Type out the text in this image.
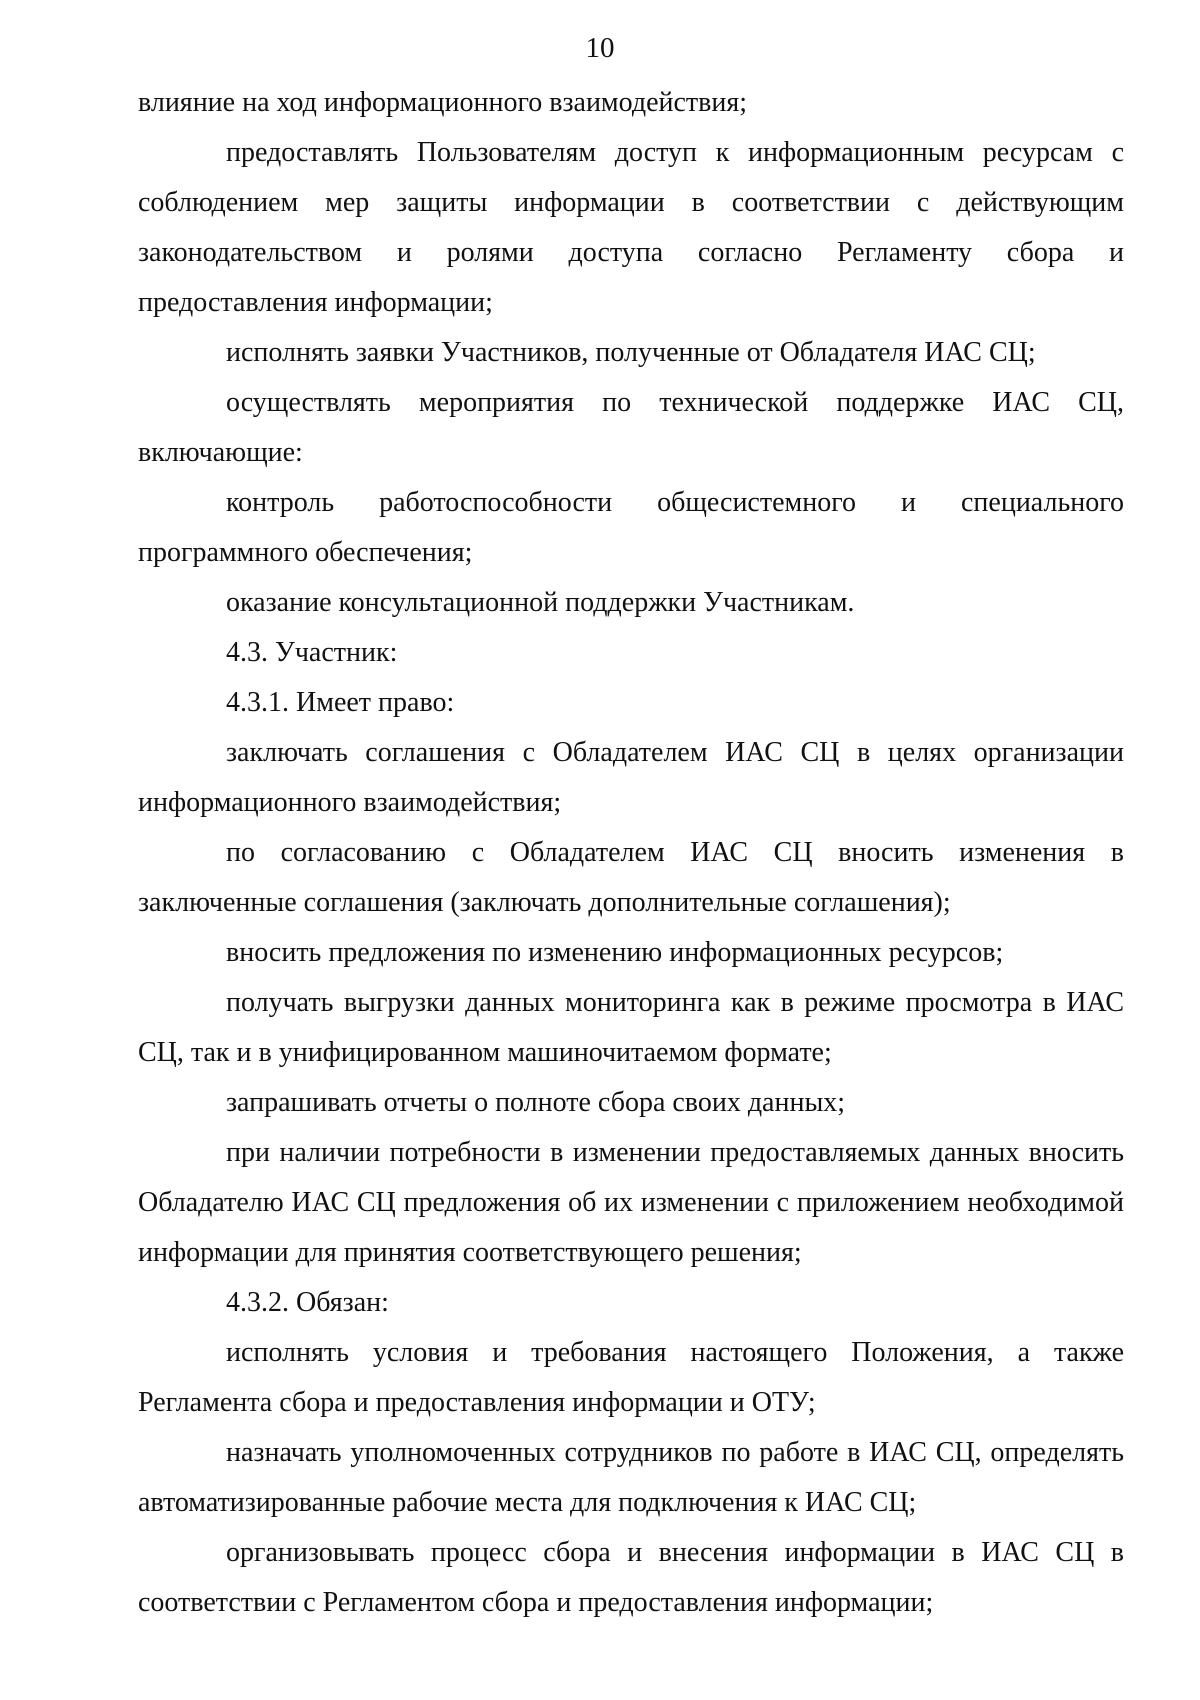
10

влияние на ход информационного взаимодействия;

предоставлять Пользователям доступ к информационным ресурсам с соблюдением мер защиты информации в соответствии с действующим законодательством и ролями доступа согласно Регламенту сбора и предоставления информации;

исполнять заявки Участников, полученные от Обладателя ИАС СЦ;

осуществлять мероприятия по технической поддержке ИАС СЦ, включающие:

контроль работоспособности общесистемного и специального программного обеспечения;

оказание консультационной поддержки Участникам.

4.3. Участник:

4.3.1. Имеет право:

заключать соглашения с Обладателем ИАС СЦ в целях организации информационного взаимодействия;

по согласованию с Обладателем ИАС СЦ вносить изменения в заключенные соглашения (заключать дополнительные соглашения);

вносить предложения по изменению информационных ресурсов;

получать выгрузки данных мониторинга как в режиме просмотра в ИАС СЦ, так и в унифицированном машиночитаемом формате;

запрашивать отчеты о полноте сбора своих данных;

при наличии потребности в изменении предоставляемых данных вносить Обладателю ИАС СЦ предложения об их изменении с приложением необходимой информации для принятия соответствующего решения;

4.3.2. Обязан:

исполнять условия и требования настоящего Положения, а также Регламента сбора и предоставления информации и ОТУ;

назначать уполномоченных сотрудников по работе в ИАС СЦ, определять автоматизированные рабочие места для подключения к ИАС СЦ;

организовывать процесс сбора и внесения информации в ИАС СЦ в соответствии с Регламентом сбора и предоставления информации;
